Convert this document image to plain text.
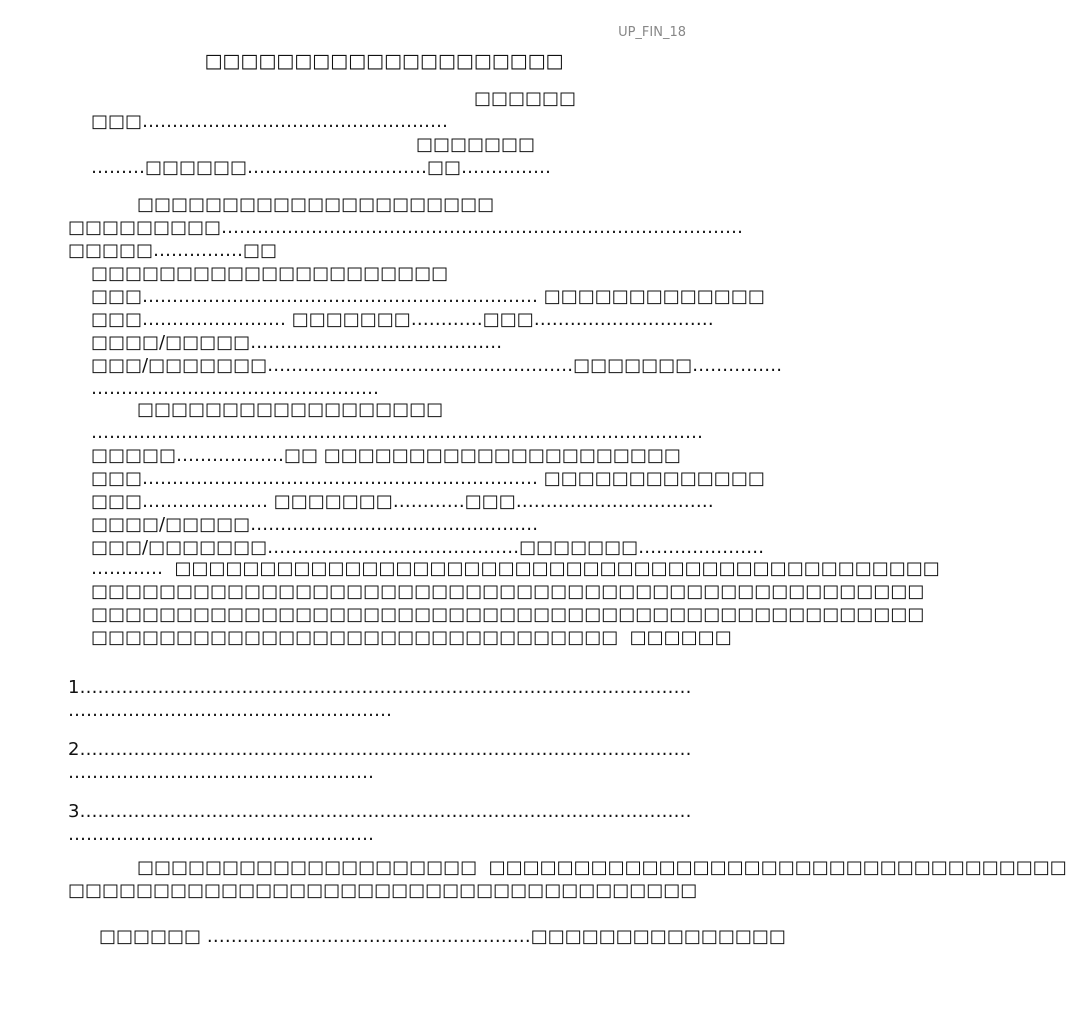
UP_FIN_18
□□□□□□□□□□□□□□□□□□□□
□□□□□□
□□□……………………………………………
□□□□□□□
………□□□□□□…………………………□□……………
□□□□□□□□□□□□□□□□□□□□□
□□□□□□□□□……………………………………………………………………………
□□□□□……………□□
□□□□□□□□□□□□□□□□□□□□□
□□□………………………………………………………… □□□□□□□□□□□□□
□□□…………………… □□□□□□□…………□□□…………………………
□□□□/□□□□□……………………………………
□□□/□□□□□□□……………………………………………□□□□□□□……………
…………………………………………
□□□□□□□□□□□□□□□□□□
…………………………………………………………………………………………
□□□□□………………□□ □□□□□□□□□□□□□□□□□□□□□
□□□………………………………………………………… □□□□□□□□□□□□□
□□□………………… □□□□□□□…………□□□……………………………
□□□□/□□□□□…………………………………………
□□□/□□□□□□□……………………………………□□□□□□□…………………
…………  □□□□□□□□□□□□□□□□□□□□□□□□□□□□□□□□□□□□□□□□□□□□□
□□□□□□□□□□□□□□□□□□□□□□□□□□□□□□□□□□□□□□□□□□□□□□□□□
□□□□□□□□□□□□□□□□□□□□□□□□□□□□□□□□□□□□□□□□□□□□□□□□□
□□□□□□□□□□□□□□□□□□□□□□□□□□□□□□□  □□□□□□
1…………………………………………………………………………………………
………………………………………………
2…………………………………………………………………………………………
……………………………………………
3…………………………………………………………………………………………
……………………………………………
□□□□□□□□□□□□□□□□□□□□  □□□□□□□□□□□□□□□□□□□□□□□□□□□□□□□□□□
□□□□□□□□□□□□□□□□□□□□□□□□□□□□□□□□□□□□□
□□□□□□ ………………………………………………□□□□□□□□□□□□□□□
